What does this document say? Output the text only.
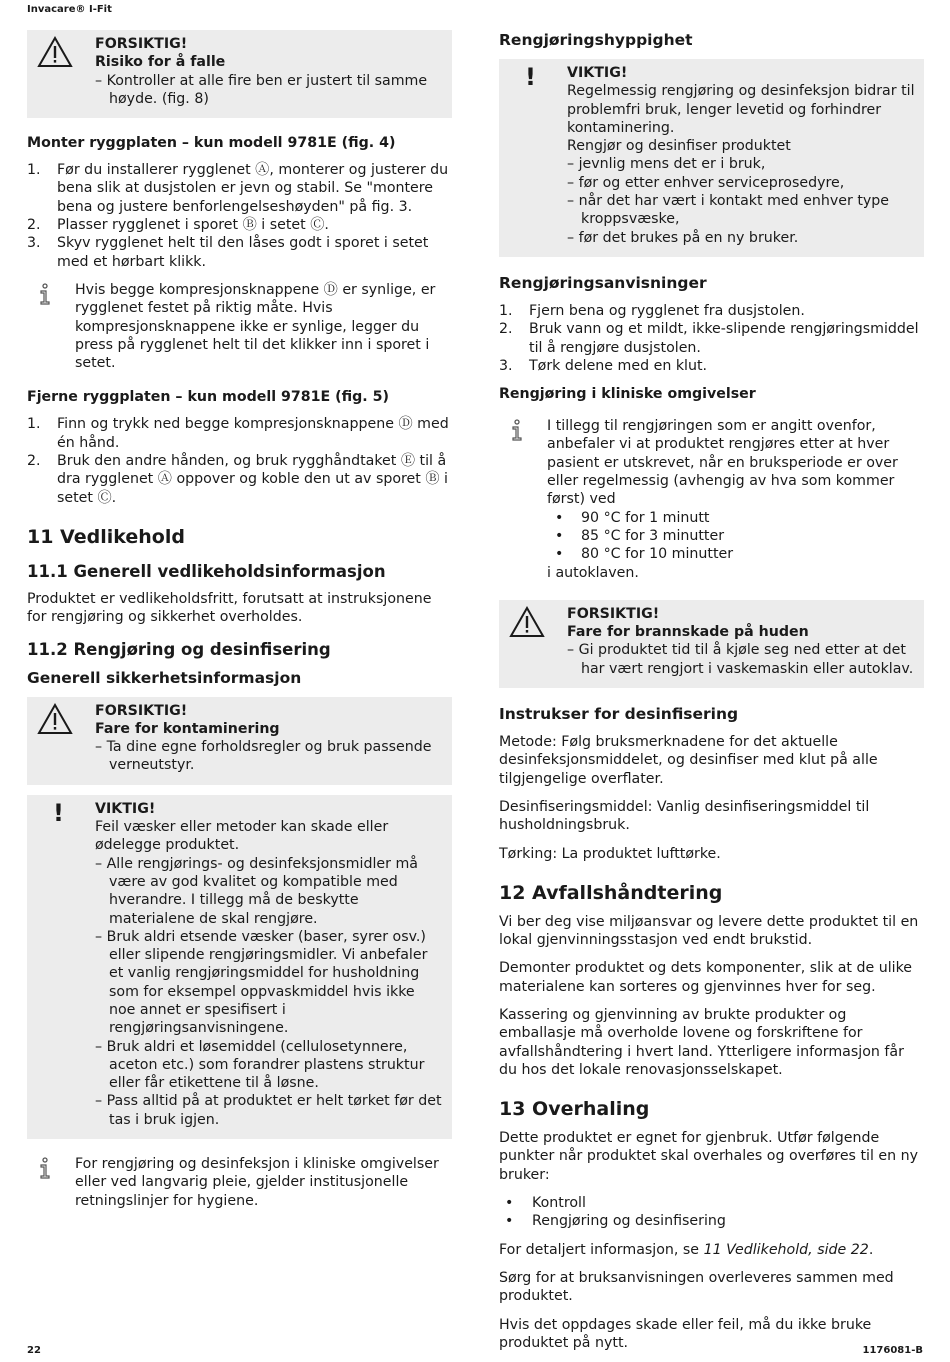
Invacare® I-Fit
FORSIKTIG!
Risiko for å falle
– Kontroller at alle fire ben er justert til samme høyde. (fig. 8)
Monter ryggplaten – kun modell 9781E (fig. 4)
1. Før du installerer rygglenet Ⓐ, monterer og justerer du bena slik at dusjstolen er jevn og stabil. Se "montere bena og justere benforlengelseshøyden" på fig. 3.
2. Plasser rygglenet i sporet Ⓑ i setet Ⓒ.
3. Skyv rygglenet helt til den låses godt i sporet i setet med et hørbart klikk.
Hvis begge kompresjonsknappene Ⓓ er synlige, er rygglenet festet på riktig måte. Hvis kompresjonsknappene ikke er synlige, legger du press på rygglenet helt til det klikker inn i sporet i setet.
Fjerne ryggplaten – kun modell 9781E (fig. 5)
1. Finn og trykk ned begge kompresjonsknappene Ⓓ med én hånd.
2. Bruk den andre hånden, og bruk rygghåndtaket Ⓔ til å dra rygglenet Ⓐ oppover og koble den ut av sporet Ⓑ i setet Ⓒ.
11 Vedlikehold
11.1 Generell vedlikeholdsinformasjon

Produktet er vedlikeholdsfritt, forutsatt at instruksjonene for rengjøring og sikkerhet overholdes.

11.2 Rengjøring og desinfisering
Generell sikkerhetsinformasjon
FORSIKTIG!
Fare for kontaminering
– Ta dine egne forholdsregler og bruk passende verneutstyr.
! VIKTIG!
Feil væsker eller metoder kan skade eller ødelegge produktet.
– Alle rengjørings- og desinfeksjonsmidler må være av god kvalitet og kompatible med hverandre. I tillegg må de beskytte materialene de skal rengjøre.
– Bruk aldri etsende væsker (baser, syrer osv.) eller slipende rengjøringsmidler. Vi anbefaler et vanlig rengjøringsmiddel for husholdning som for eksempel oppvaskmiddel hvis ikke noe annet er spesifisert i rengjøringsanvisningene.
– Bruk aldri et løsemiddel (cellulosetynnere, aceton etc.) som forandrer plastens struktur eller får etikettene til å løsne.
– Pass alltid på at produktet er helt tørket før det tas i bruk igjen.
For rengjøring og desinfeksjon i kliniske omgivelser eller ved langvarig pleie, gjelder institusjonelle retningslinjer for hygiene.
Rengjøringshyppighet
! VIKTIG!
Regelmessig rengjøring og desinfeksjon bidrar til problemfri bruk, lenger levetid og forhindrer kontaminering.
Rengjør og desinfiser produktet
– jevnlig mens det er i bruk,
– før og etter enhver serviceprosedyre,
– når det har vært i kontakt med enhver type kroppsvæske,
– før det brukes på en ny bruker.
Rengjøringsanvisninger
1. Fjern bena og rygglenet fra dusjstolen.
2. Bruk vann og et mildt, ikke-slipende rengjøringsmiddel til å rengjøre dusjstolen.
3. Tørk delene med en klut.
Rengjøring i kliniske omgivelser
I tillegg til rengjøringen som er angitt ovenfor, anbefaler vi at produktet rengjøres etter at hver pasient er utskrevet, når en bruksperiode er over eller regelmessig (avhengig av hva som kommer først) ved
• 90 °C for 1 minutt
• 85 °C for 3 minutter
• 80 °C for 10 minutter
i autoklaven.
FORSIKTIG!
Fare for brannskade på huden
– Gi produktet tid til å kjøle seg ned etter at det har vært rengjort i vaskemaskin eller autoklav.
Instrukser for desinfisering

Metode: Følg bruksmerknadene for det aktuelle desinfeksjonsmiddelet, og desinfiser med klut på alle tilgjengelige overflater.

Desinfiseringsmiddel: Vanlig desinfiseringsmiddel til husholdningsbruk.

Tørking: La produktet lufttørke.

12 Avfallshåndtering

Vi ber deg vise miljøansvar og levere dette produktet til en lokal gjenvinningsstasjon ved endt brukstid.

Demonter produktet og dets komponenter, slik at de ulike materialene kan sorteres og gjenvinnes hver for seg.

Kassering og gjenvinning av brukte produkter og emballasje må overholde lovene og forskriftene for avfallshåndtering i hvert land. Ytterligere informasjon får du hos det lokale renovasjonsselskapet.

13 Overhaling

Dette produktet er egnet for gjenbruk. Utfør følgende punkter når produktet skal overhales og overføres til en ny bruker:

• Kontroll
• Rengjøring og desinfisering

For detaljert informasjon, se 11 Vedlikehold, side 22.

Sørg for at bruksanvisningen overleveres sammen med produktet.

Hvis det oppdages skade eller feil, må du ikke bruke produktet på nytt.

22	1176081-B
